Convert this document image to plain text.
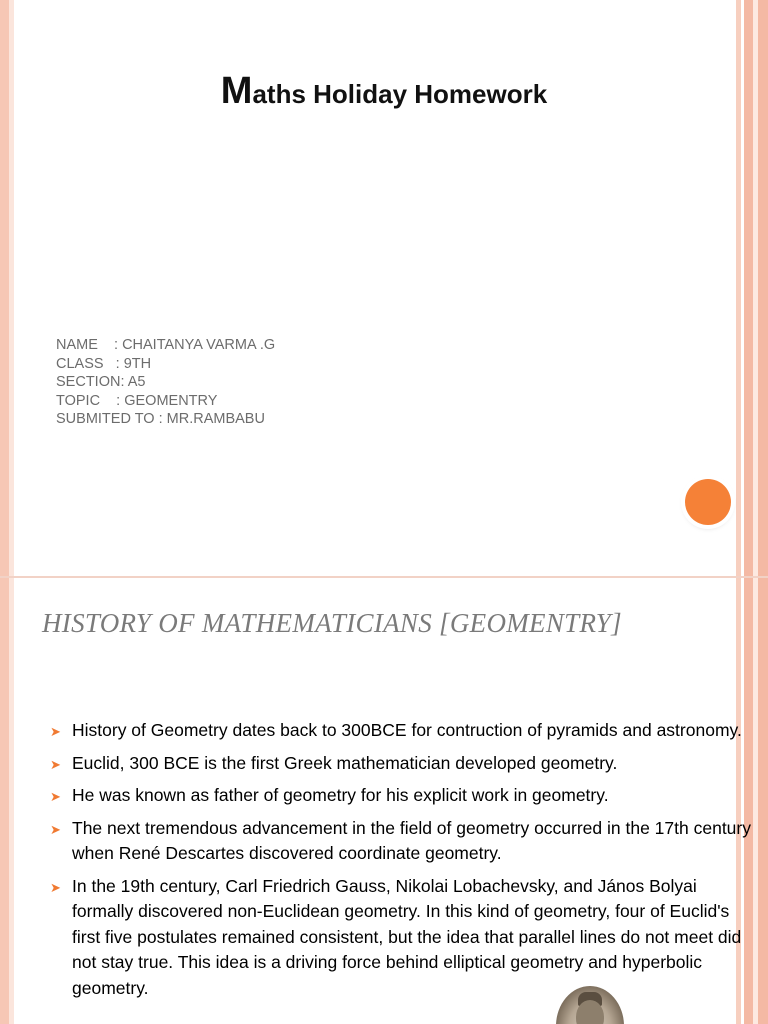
Maths Holiday Homework
NAME    : CHAITANYA VARMA .G
CLASS   : 9TH
SECTION: A5
TOPIC    : GEOMENTRY
SUBMITED TO : MR.RAMBABU
HISTORY OF MATHEMATICIANS [GEOMENTRY]
➤ History of Geometry dates back to 300BCE for contruction of pyramids and astronomy.
➤ Euclid, 300 BCE is the first Greek mathematician developed geometry.
➤ He was known as father of geometry for his explicit work in geometry.
➤ The next tremendous advancement in the field of geometry occurred in the 17th century when René Descartes discovered coordinate geometry.
➤ In the 19th century, Carl Friedrich Gauss, Nikolai Lobachevsky, and János Bolyai formally discovered non-Euclidean geometry. In this kind of geometry, four of Euclid's first five postulates remained consistent, but the idea that parallel lines do not meet did not stay true. This idea is a driving force behind elliptical geometry and hyperbolic geometry.
